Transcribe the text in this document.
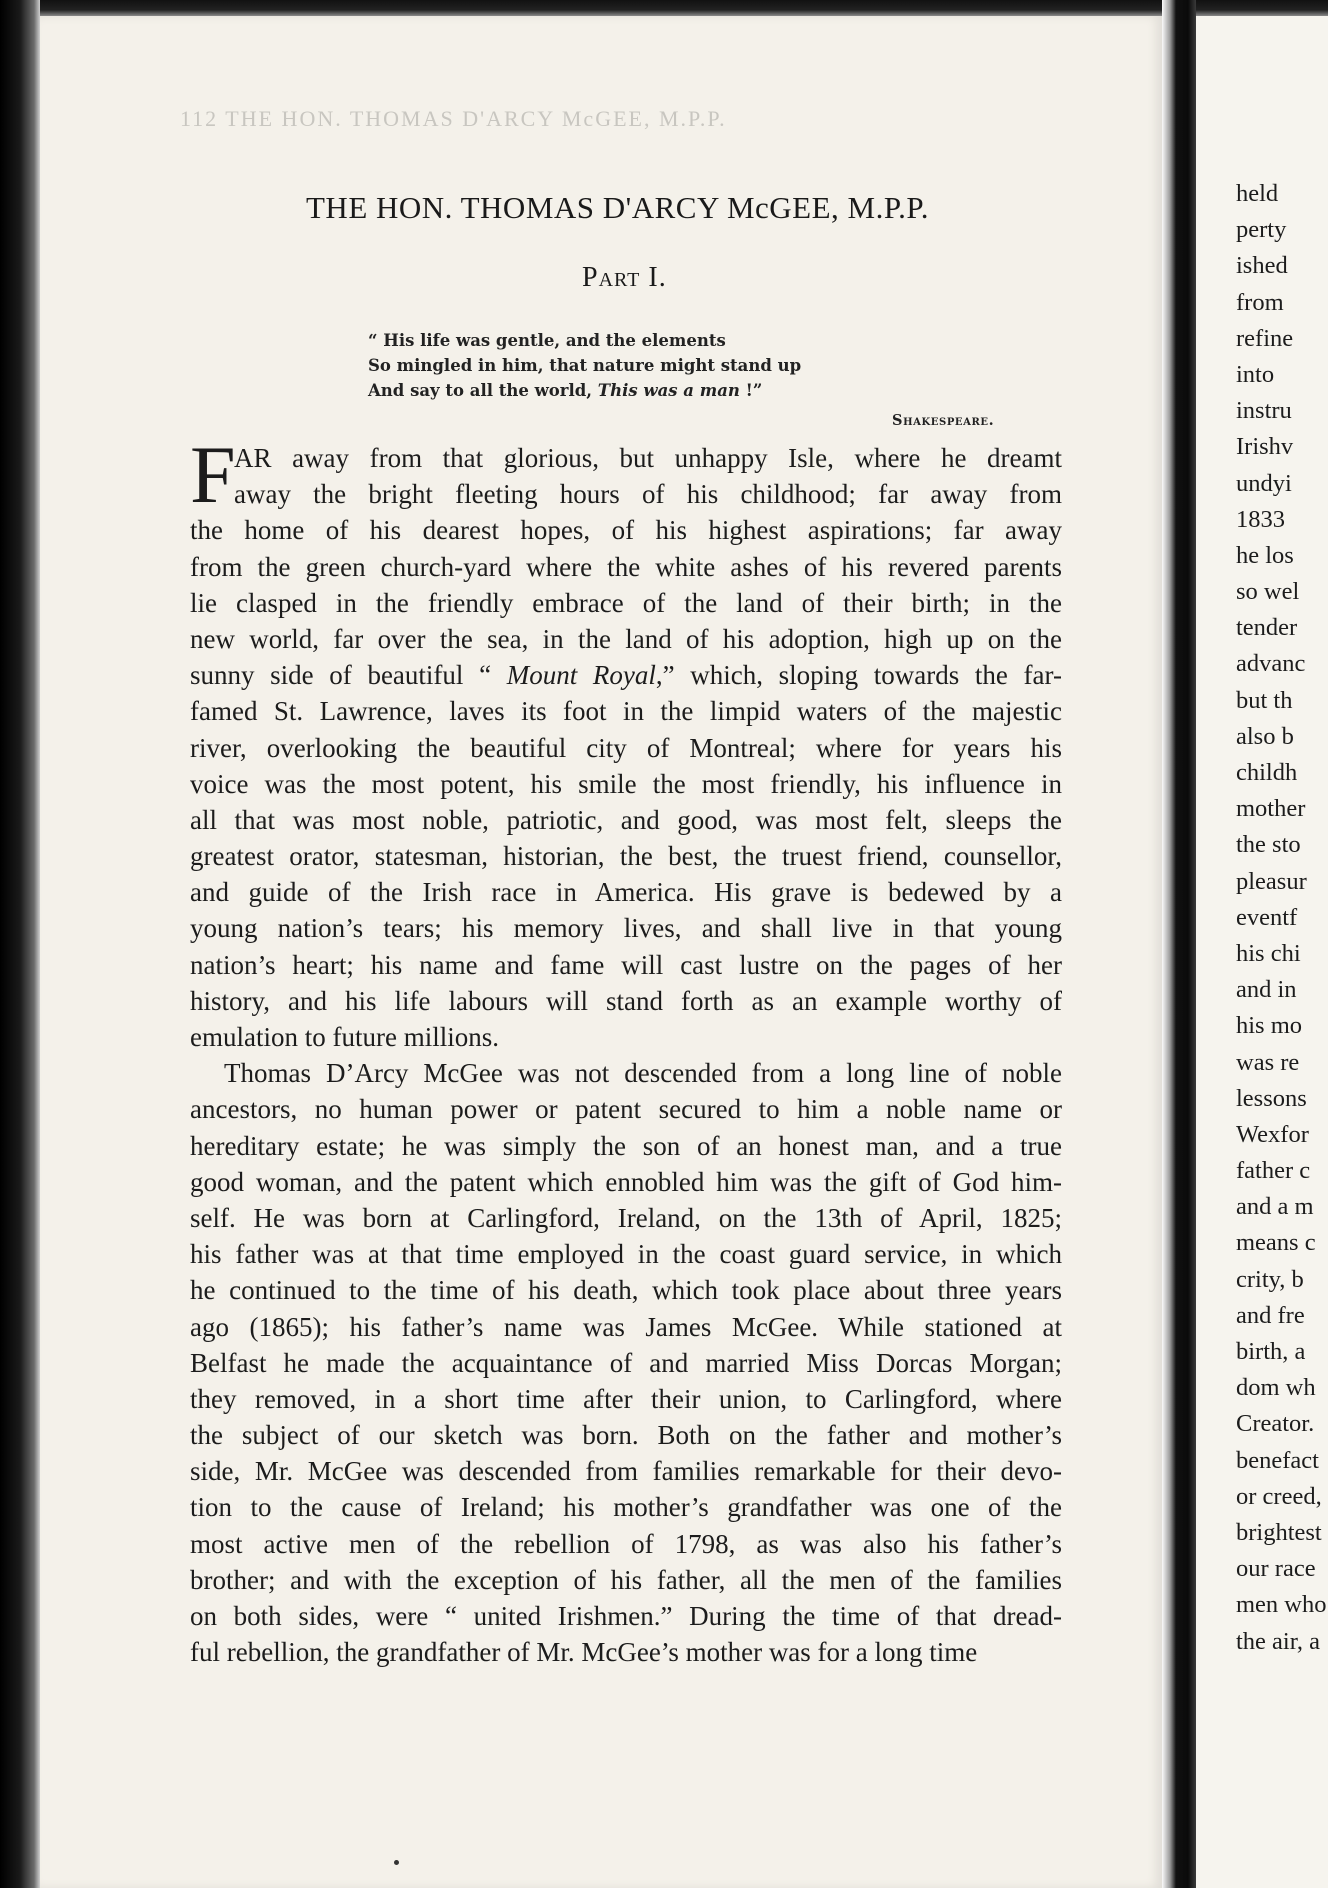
112 THE HON. THOMAS D'ARCY McGEE, M.P.P.
THE HON. THOMAS D'ARCY McGEE, M.P.P.
Part I.
“ His life was gentle, and the elements
So mingled in him, that nature might stand up
And say to all the world, This was a man !”
Shakespeare.
F
AR away from that glorious, but unhappy Isle, where he dreamt
away the bright fleeting hours of his childhood; far away from
the home of his dearest hopes, of his highest aspirations; far away
from the green church-yard where the white ashes of his revered parents
lie clasped in the friendly embrace of the land of their birth; in the
new world, far over the sea, in the land of his adoption, high up on the
sunny side of beautiful “ Mount Royal,” which, sloping towards the far-
famed St. Lawrence, laves its foot in the limpid waters of the majestic
river, overlooking the beautiful city of Montreal; where for years his
voice was the most potent, his smile the most friendly, his influence in
all that was most noble, patriotic, and good, was most felt, sleeps the
greatest orator, statesman, historian, the best, the truest friend, counsellor,
and guide of the Irish race in America. His grave is bedewed by a
young nation’s tears; his memory lives, and shall live in that young
nation’s heart; his name and fame will cast lustre on the pages of her
history, and his life labours will stand forth as an example worthy of
emulation to future millions.
Thomas D’Arcy McGee was not descended from a long line of noble
ancestors, no human power or patent secured to him a noble name or
hereditary estate; he was simply the son of an honest man, and a true
good woman, and the patent which ennobled him was the gift of God him-
self. He was born at Carlingford, Ireland, on the 13th of April, 1825;
his father was at that time employed in the coast guard service, in which
he continued to the time of his death, which took place about three years
ago (1865); his father’s name was James McGee. While stationed at
Belfast he made the acquaintance of and married Miss Dorcas Morgan;
they removed, in a short time after their union, to Carlingford, where
the subject of our sketch was born. Both on the father and mother’s
side, Mr. McGee was descended from families remarkable for their devo-
tion to the cause of Ireland; his mother’s grandfather was one of the
most active men of the rebellion of 1798, as was also his father’s
brother; and with the exception of his father, all the men of the families
on both sides, were “ united Irishmen.” During the time of that dread-
ful rebellion, the grandfather of Mr. McGee’s mother was for a long time
held
perty
ished
from
refine
into
instru
Irishv
undyi
1833
he los
so wel
tender
advanc
but th
also b
childh
mother
the sto
pleasur
eventf
his chi
and in
his mo
was re
lessons
Wexfor
father c
and a m
means c
crity, b
and fre
birth, a
dom wh
Creator.
benefact
or creed,
brightest
our race
men who
the air, a
